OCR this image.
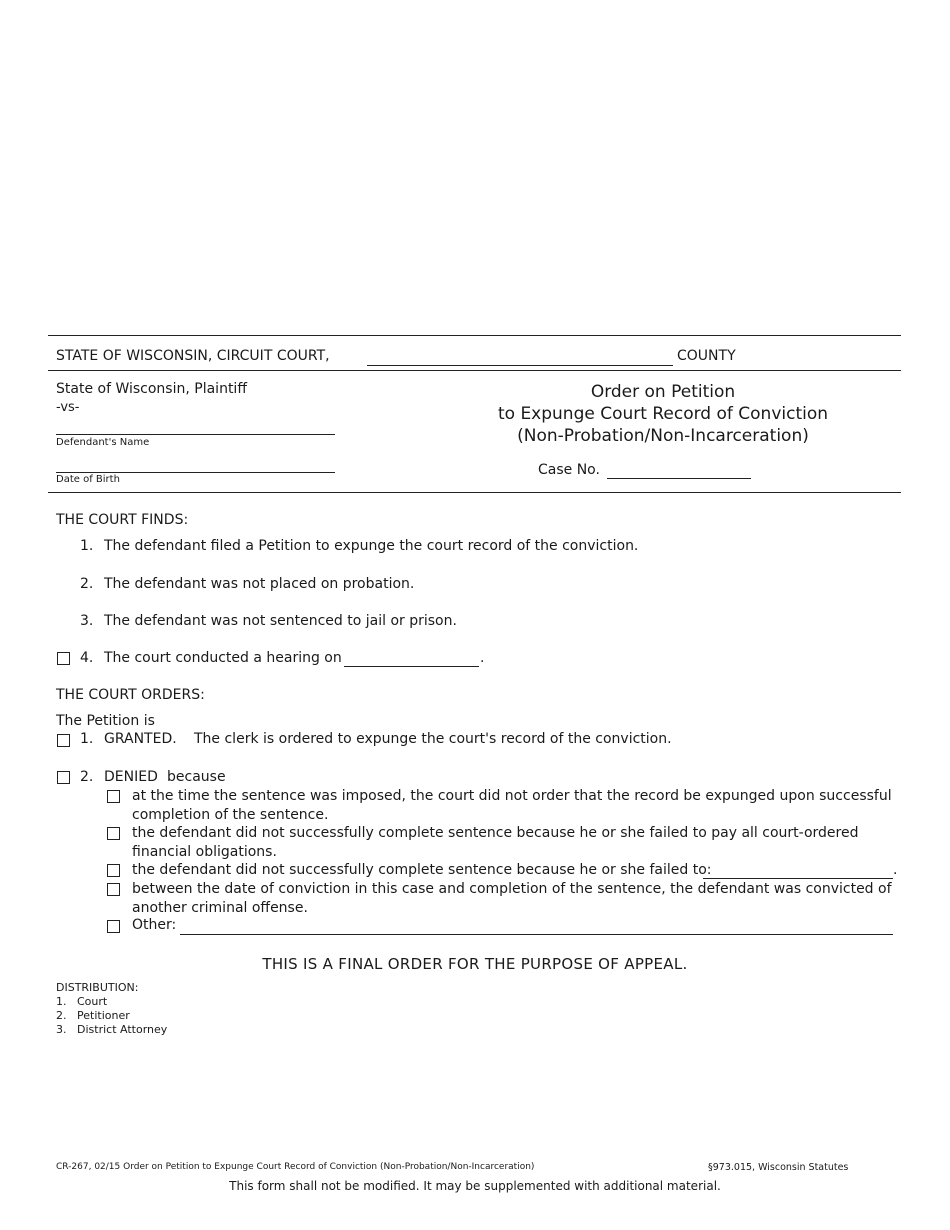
STATE OF WISCONSIN, CIRCUIT COURT,	COUNTY
State of Wisconsin, Plaintiff
-vs-
Defendant's Name
Date of Birth
Order on Petition
to Expunge Court Record of Conviction
(Non-Probation/Non-Incarceration)
Case No.
THE COURT FINDS:
1. The defendant filed a Petition to expunge the court record of the conviction.
2. The defendant was not placed on probation.
3. The defendant was not sentenced to jail or prison.
4. The court conducted a hearing on	.
THE COURT ORDERS:
The Petition is
1. GRANTED. The clerk is ordered to expunge the court's record of the conviction.
2. DENIED because
at the time the sentence was imposed, the court did not order that the record be expunged upon successful completion of the sentence.
the defendant did not successfully complete sentence because he or she failed to pay all court-ordered financial obligations.
the defendant did not successfully complete sentence because he or she failed to:	.
between the date of conviction in this case and completion of the sentence, the defendant was convicted of another criminal offense.
Other:
THIS IS A FINAL ORDER FOR THE PURPOSE OF APPEAL.
DISTRIBUTION:
1. Court
2. Petitioner
3. District Attorney
CR-267, 02/15 Order on Petition to Expunge Court Record of Conviction (Non-Probation/Non-Incarceration)	§973.015, Wisconsin Statutes
This form shall not be modified. It may be supplemented with additional material.
